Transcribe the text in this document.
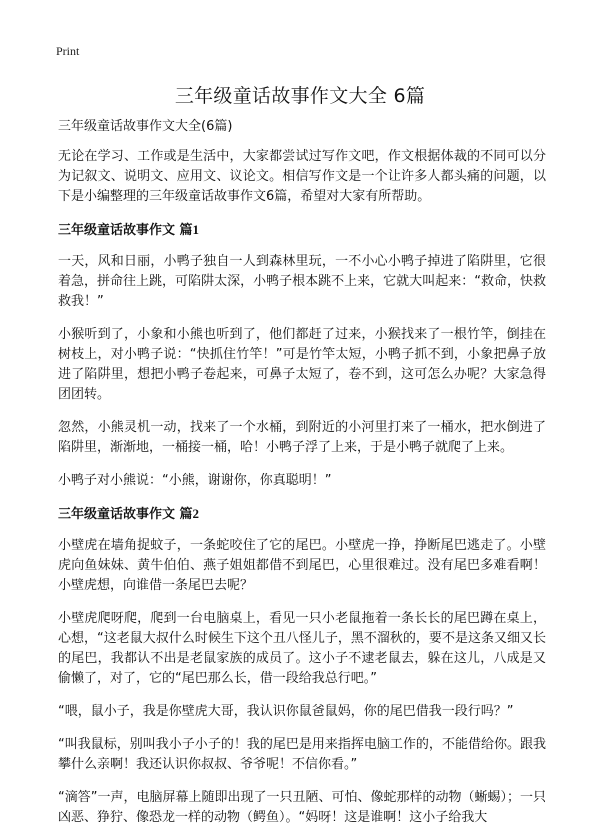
Print
三年级童话故事作文大全 6篇
三年级童话故事作文大全(6篇)

无论在学习、工作或是生活中，大家都尝试过写作文吧，作文根据体裁的不同可以分为记叙文、说明文、应用文、议论文。相信写作文是一个让许多人都头痛的问题，以下是小编整理的三年级童话故事作文6篇，希望对大家有所帮助。

三年级童话故事作文 篇1

一天，风和日丽，小鸭子独自一人到森林里玩，一不小心小鸭子掉进了陷阱里，它很着急，拼命往上跳，可陷阱太深，小鸭子根本跳不上来，它就大叫起来：“救命，快救救我！”

小猴听到了，小象和小熊也听到了，他们都赶了过来，小猴找来了一根竹竿，倒挂在树枝上，对小鸭子说：“快抓住竹竿！”可是竹竿太短，小鸭子抓不到，小象把鼻子放进了陷阱里，想把小鸭子卷起来，可鼻子太短了，卷不到，这可怎么办呢？大家急得团团转。

忽然，小熊灵机一动，找来了一个水桶，到附近的小河里打来了一桶水，把水倒进了陷阱里，渐渐地，一桶接一桶，哈！小鸭子浮了上来，于是小鸭子就爬了上来。

小鸭子对小熊说：“小熊，谢谢你，你真聪明！”

三年级童话故事作文 篇2

小壁虎在墙角捉蚊子，一条蛇咬住了它的尾巴。小壁虎一挣，挣断尾巴逃走了。小壁虎向鱼妹妹、黄牛伯伯、燕子姐姐都借不到尾巴，心里很难过。没有尾巴多难看啊！小壁虎想，向谁借一条尾巴去呢？

小壁虎爬呀爬，爬到一台电脑桌上，看见一只小老鼠拖着一条长长的尾巴蹲在桌上，心想，“这老鼠大叔什么时候生下这个丑八怪儿子，黑不溜秋的，要不是这条又细又长的尾巴，我都认不出是老鼠家族的成员了。这小子不逮老鼠去，躲在这儿，八成是又偷懒了，对了，它的“尾巴那么长，借一段给我总行吧。”

“喂，鼠小子，我是你壁虎大哥，我认识你鼠爸鼠妈，你的尾巴借我一段行吗？”

“叫我鼠标，别叫我小子小子的！我的尾巴是用来指挥电脑工作的，不能借给你。跟我攀什么亲啊！我还认识你叔叔、爷爷呢！不信你看。”

“滴答”一声，电脑屏幕上随即出现了一只丑陋、可怕、像蛇那样的动物（蜥蜴）；一只凶恶、狰狞、像恐龙一样的动物（鳄鱼）。“妈呀！这是谁啊！这小子给我大
